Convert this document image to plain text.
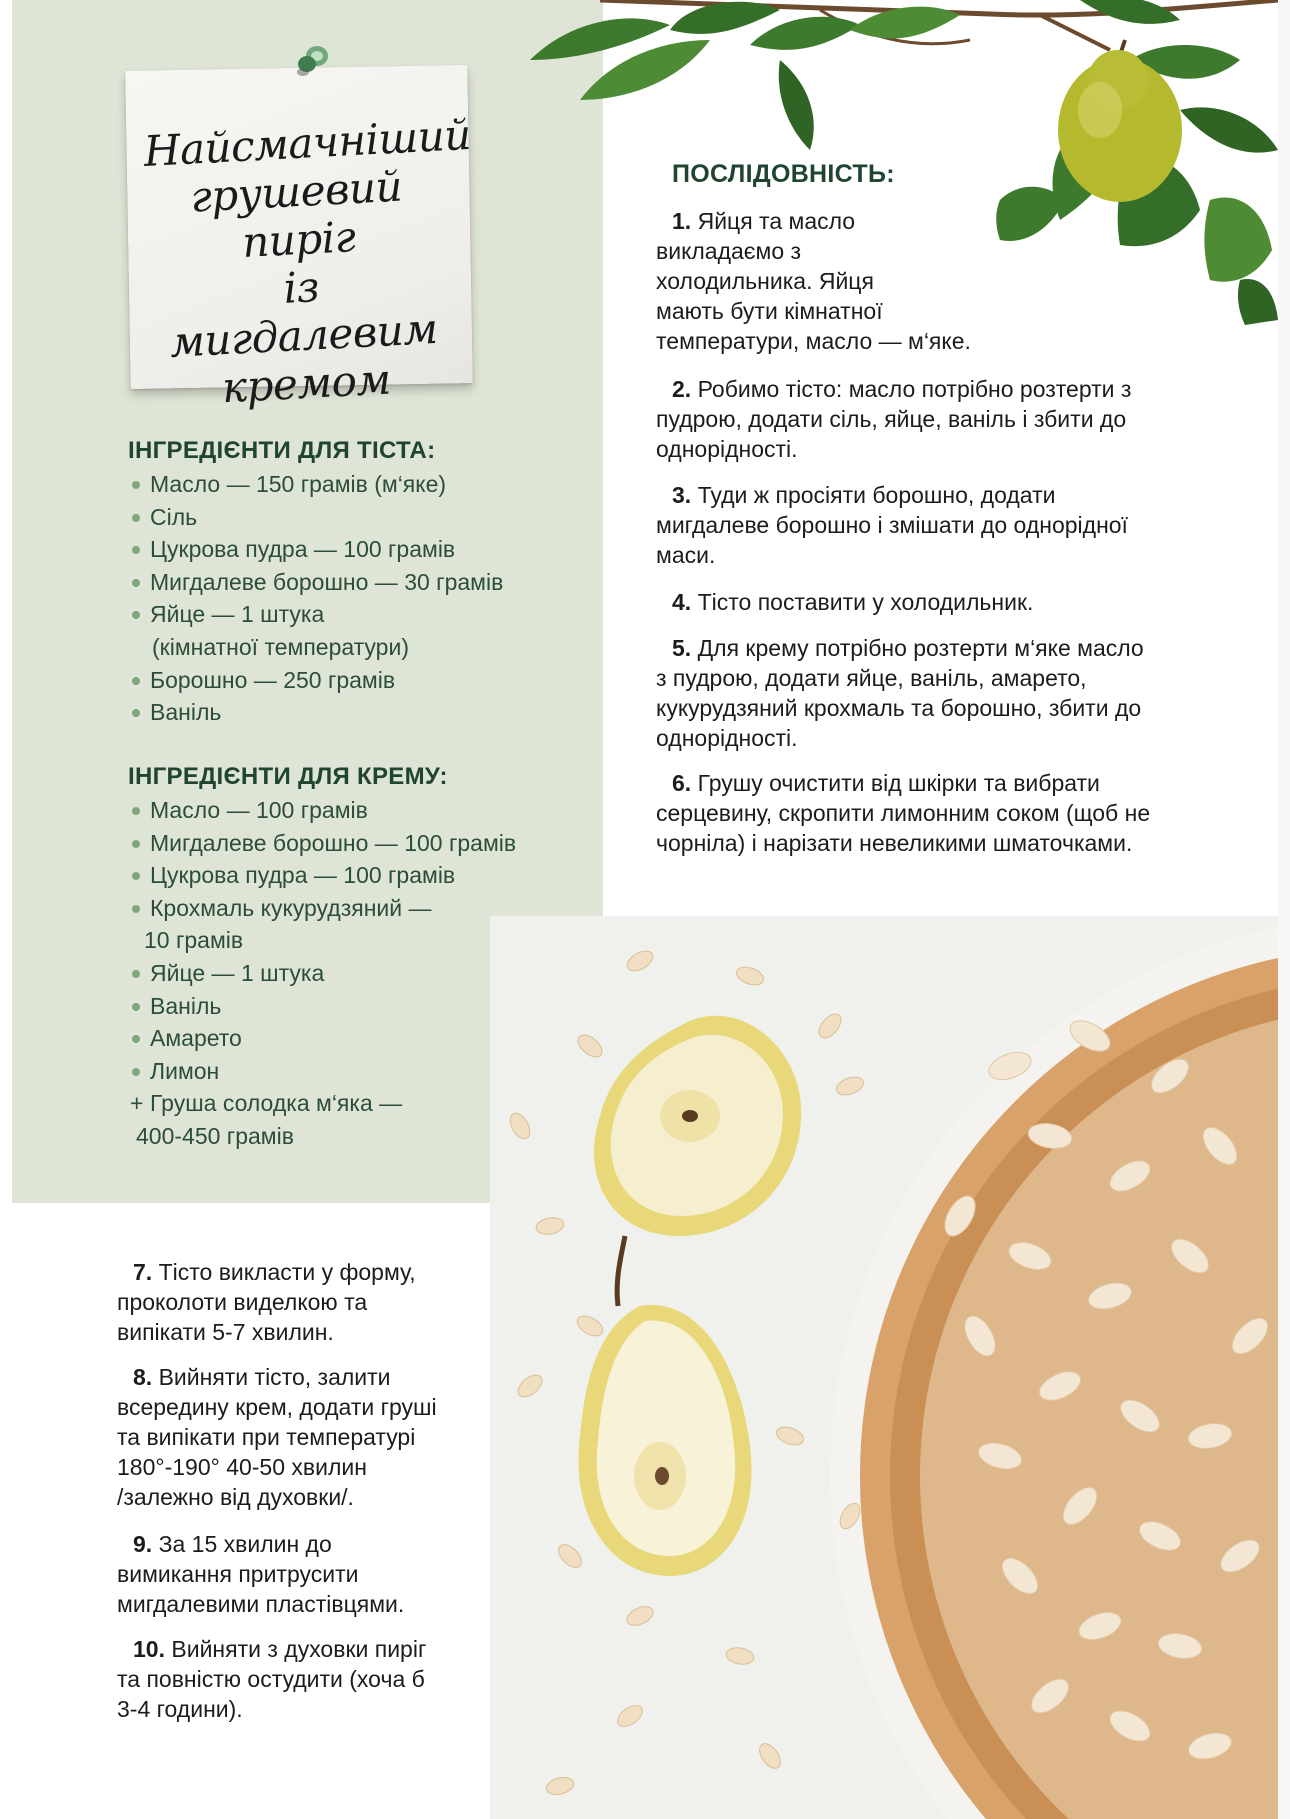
Найсмачніший
грушевий пиріг
із мигдалевим
кремом
ІНГРЕДІЄНТИ ДЛЯ ТІСТА:
Масло — 150 грамів (м‘яке)
Сіль
Цукрова пудра — 100 грамів
Мигдалеве борошно — 30 грамів
Яйце — 1 штука
(кімнатної температури)
Борошно — 250 грамів
Ваніль
ІНГРЕДІЄНТИ ДЛЯ КРЕМУ:
Масло — 100 грамів
Мигдалеве борошно — 100 грамів
Цукрова пудра — 100 грамів
Крохмаль кукурудзяний —
10 грамів
Яйце — 1 штука
Ваніль
Амарето
Лимон
+ Груша солодка м‘яка —
400-450 грамів
ПОСЛІДОВНІСТЬ:
1. Яйця та масло
викладаємо з
холодильника. Яйця
мають бути кімнатної
температури, масло — м‘яке.
2. Робимо тісто: масло потрібно розтерти з
пудрою, додати сіль, яйце, ваніль і збити до
однорідності.
3. Туди ж просіяти борошно, додати
мигдалеве борошно і змішати до однорідної
маси.
4. Тісто поставити у холодильник.
5. Для крему потрібно розтерти м‘яке масло
з пудрою, додати яйце, ваніль, амарето,
кукурудзяний крохмаль та борошно, збити до
однорідності.
6. Грушу очистити від шкірки та вибрати
серцевину, скропити лимонним соком (щоб не
чорніла) і нарізати невеликими шматочками.
7. Тісто викласти у форму,
проколоти виделкою та
випікати 5-7 хвилин.
8. Вийняти тісто, залити
всередину крем, додати груші
та випікати при температурі
180°-190° 40-50 хвилин
/залежно від духовки/.
9. За 15 хвилин до
вимикання притрусити
мигдалевими пластівцями.
10. Вийняти з духовки пиріг
та повністю остудити (хоча б
3-4 години).
